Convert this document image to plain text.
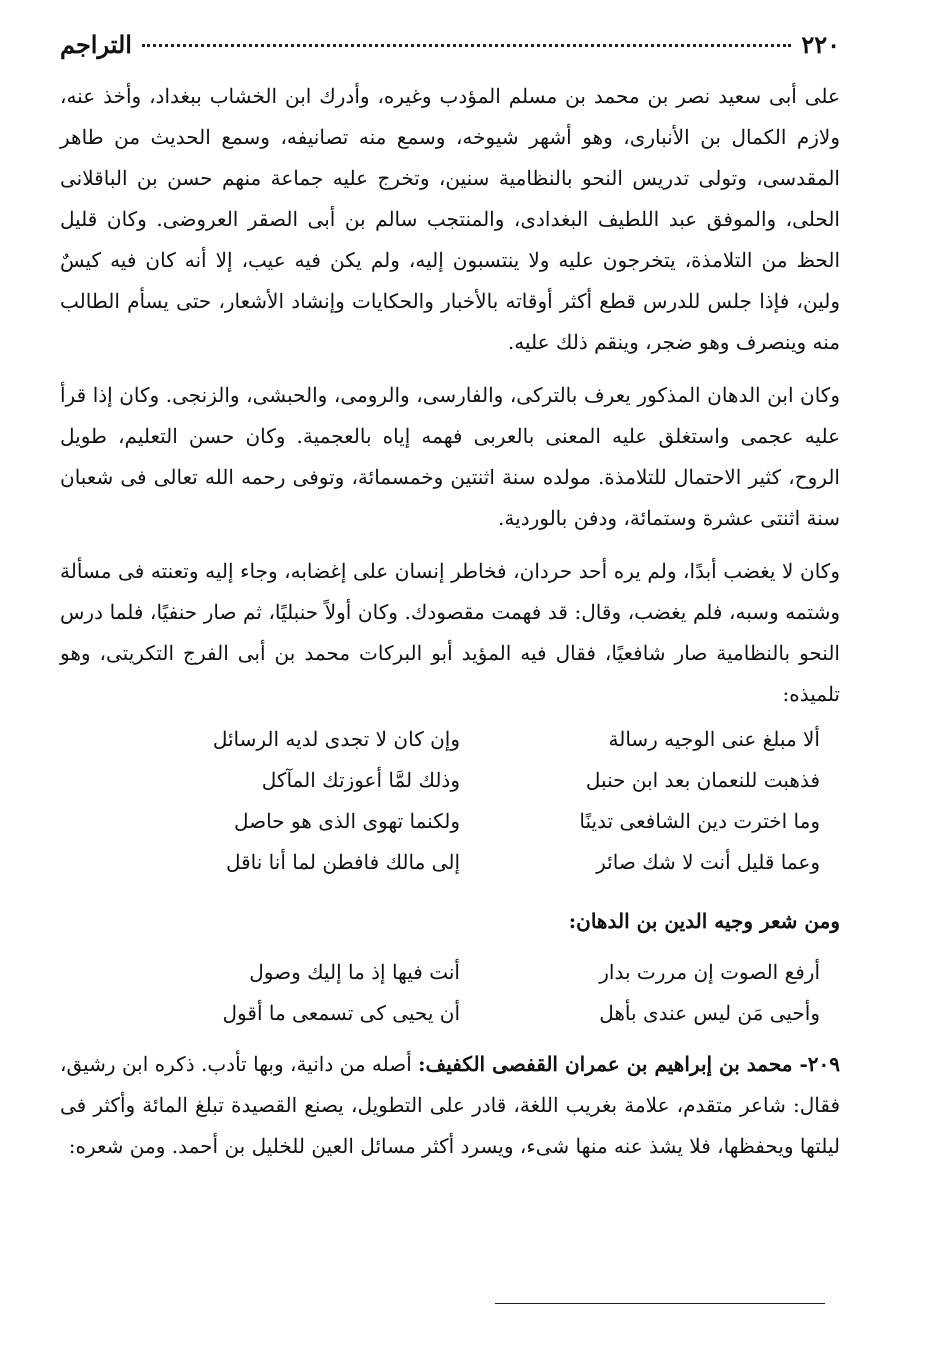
٢٢٠
التراجم

على أبى سعيد نصر بن محمد بن مسلم المؤدب وغيره، وأدرك ابن الخشاب ببغداد، وأخذ عنه، ولازم الكمال بن الأنبارى، وهو أشهر شيوخه، وسمع منه تصانيفه، وسمع الحديث من طاهر المقدسى، وتولى تدريس النحو بالنظامية سنين، وتخرج عليه جماعة منهم حسن بن الباقلانى الحلى، والموفق عبد اللطيف البغدادى، والمنتجب سالم بن أبى الصقر العروضى. وكان قليل الحظ من التلامذة، يتخرجون عليه ولا ينتسبون إليه، ولم يكن فيه عيب، إلا أنه كان فيه كيسٌ ولين، فإذا جلس للدرس قطع أكثر أوقاته بالأخبار والحكايات وإنشاد الأشعار، حتى يسأم الطالب منه وينصرف وهو ضجر، وينقم ذلك عليه.

وكان ابن الدهان المذكور يعرف بالتركى، والفارسى، والرومى، والحبشى، والزنجى. وكان إذا قرأ عليه عجمى واستغلق عليه المعنى بالعربى فهمه إياه بالعجمية. وكان حسن التعليم، طويل الروح، كثير الاحتمال للتلامذة. مولده سنة اثنتين وخمسمائة، وتوفى رحمه الله تعالى فى شعبان سنة اثنتى عشرة وستمائة، ودفن بالوردية.

وكان لا يغضب أبدًا، ولم يره أحد حردان، فخاطر إنسان على إغضابه، وجاء إليه وتعنته فى مسألة وشتمه وسبه، فلم يغضب، وقال: قد فهمت مقصودك. وكان أولاً حنبليًا، ثم صار حنفيًا، فلما درس النحو بالنظامية صار شافعيًا، فقال فيه المؤيد أبو البركات محمد بن أبى الفرج التكريتى، وهو تلميذه:

ألا مبلغ عنى الوجيه رسالة
وإن كان لا تجدى لديه الرسائل
فذهبت للنعمان بعد ابن حنبل
وذلك لمَّا أعوزتك المآكل
وما اخترت دين الشافعى تدينًا
ولكنما تهوى الذى هو حاصل
وعما قليل أنت لا شك صائر
إلى مالك فافطن لما أنا ناقل
ومن شعر وجيه الدين بن الدهان:
أرفع الصوت إن مررت بدار
أنت فيها إذ ما إليك وصول
وأحيى مَن ليس عندى بأهل
أن يحيى كى تسمعى ما أقول

٢٠٩- محمد بن إبراهيم بن عمران القفصى الكفيف: أصله من دانية، وبها تأدب. ذكره ابن رشيق، فقال: شاعر متقدم، علامة بغريب اللغة، قادر على التطويل، يصنع القصيدة تبلغ المائة وأكثر فى ليلتها ويحفظها، فلا يشذ عنه منها شىء، ويسرد أكثر مسائل العين للخليل بن أحمد. ومن شعره:
